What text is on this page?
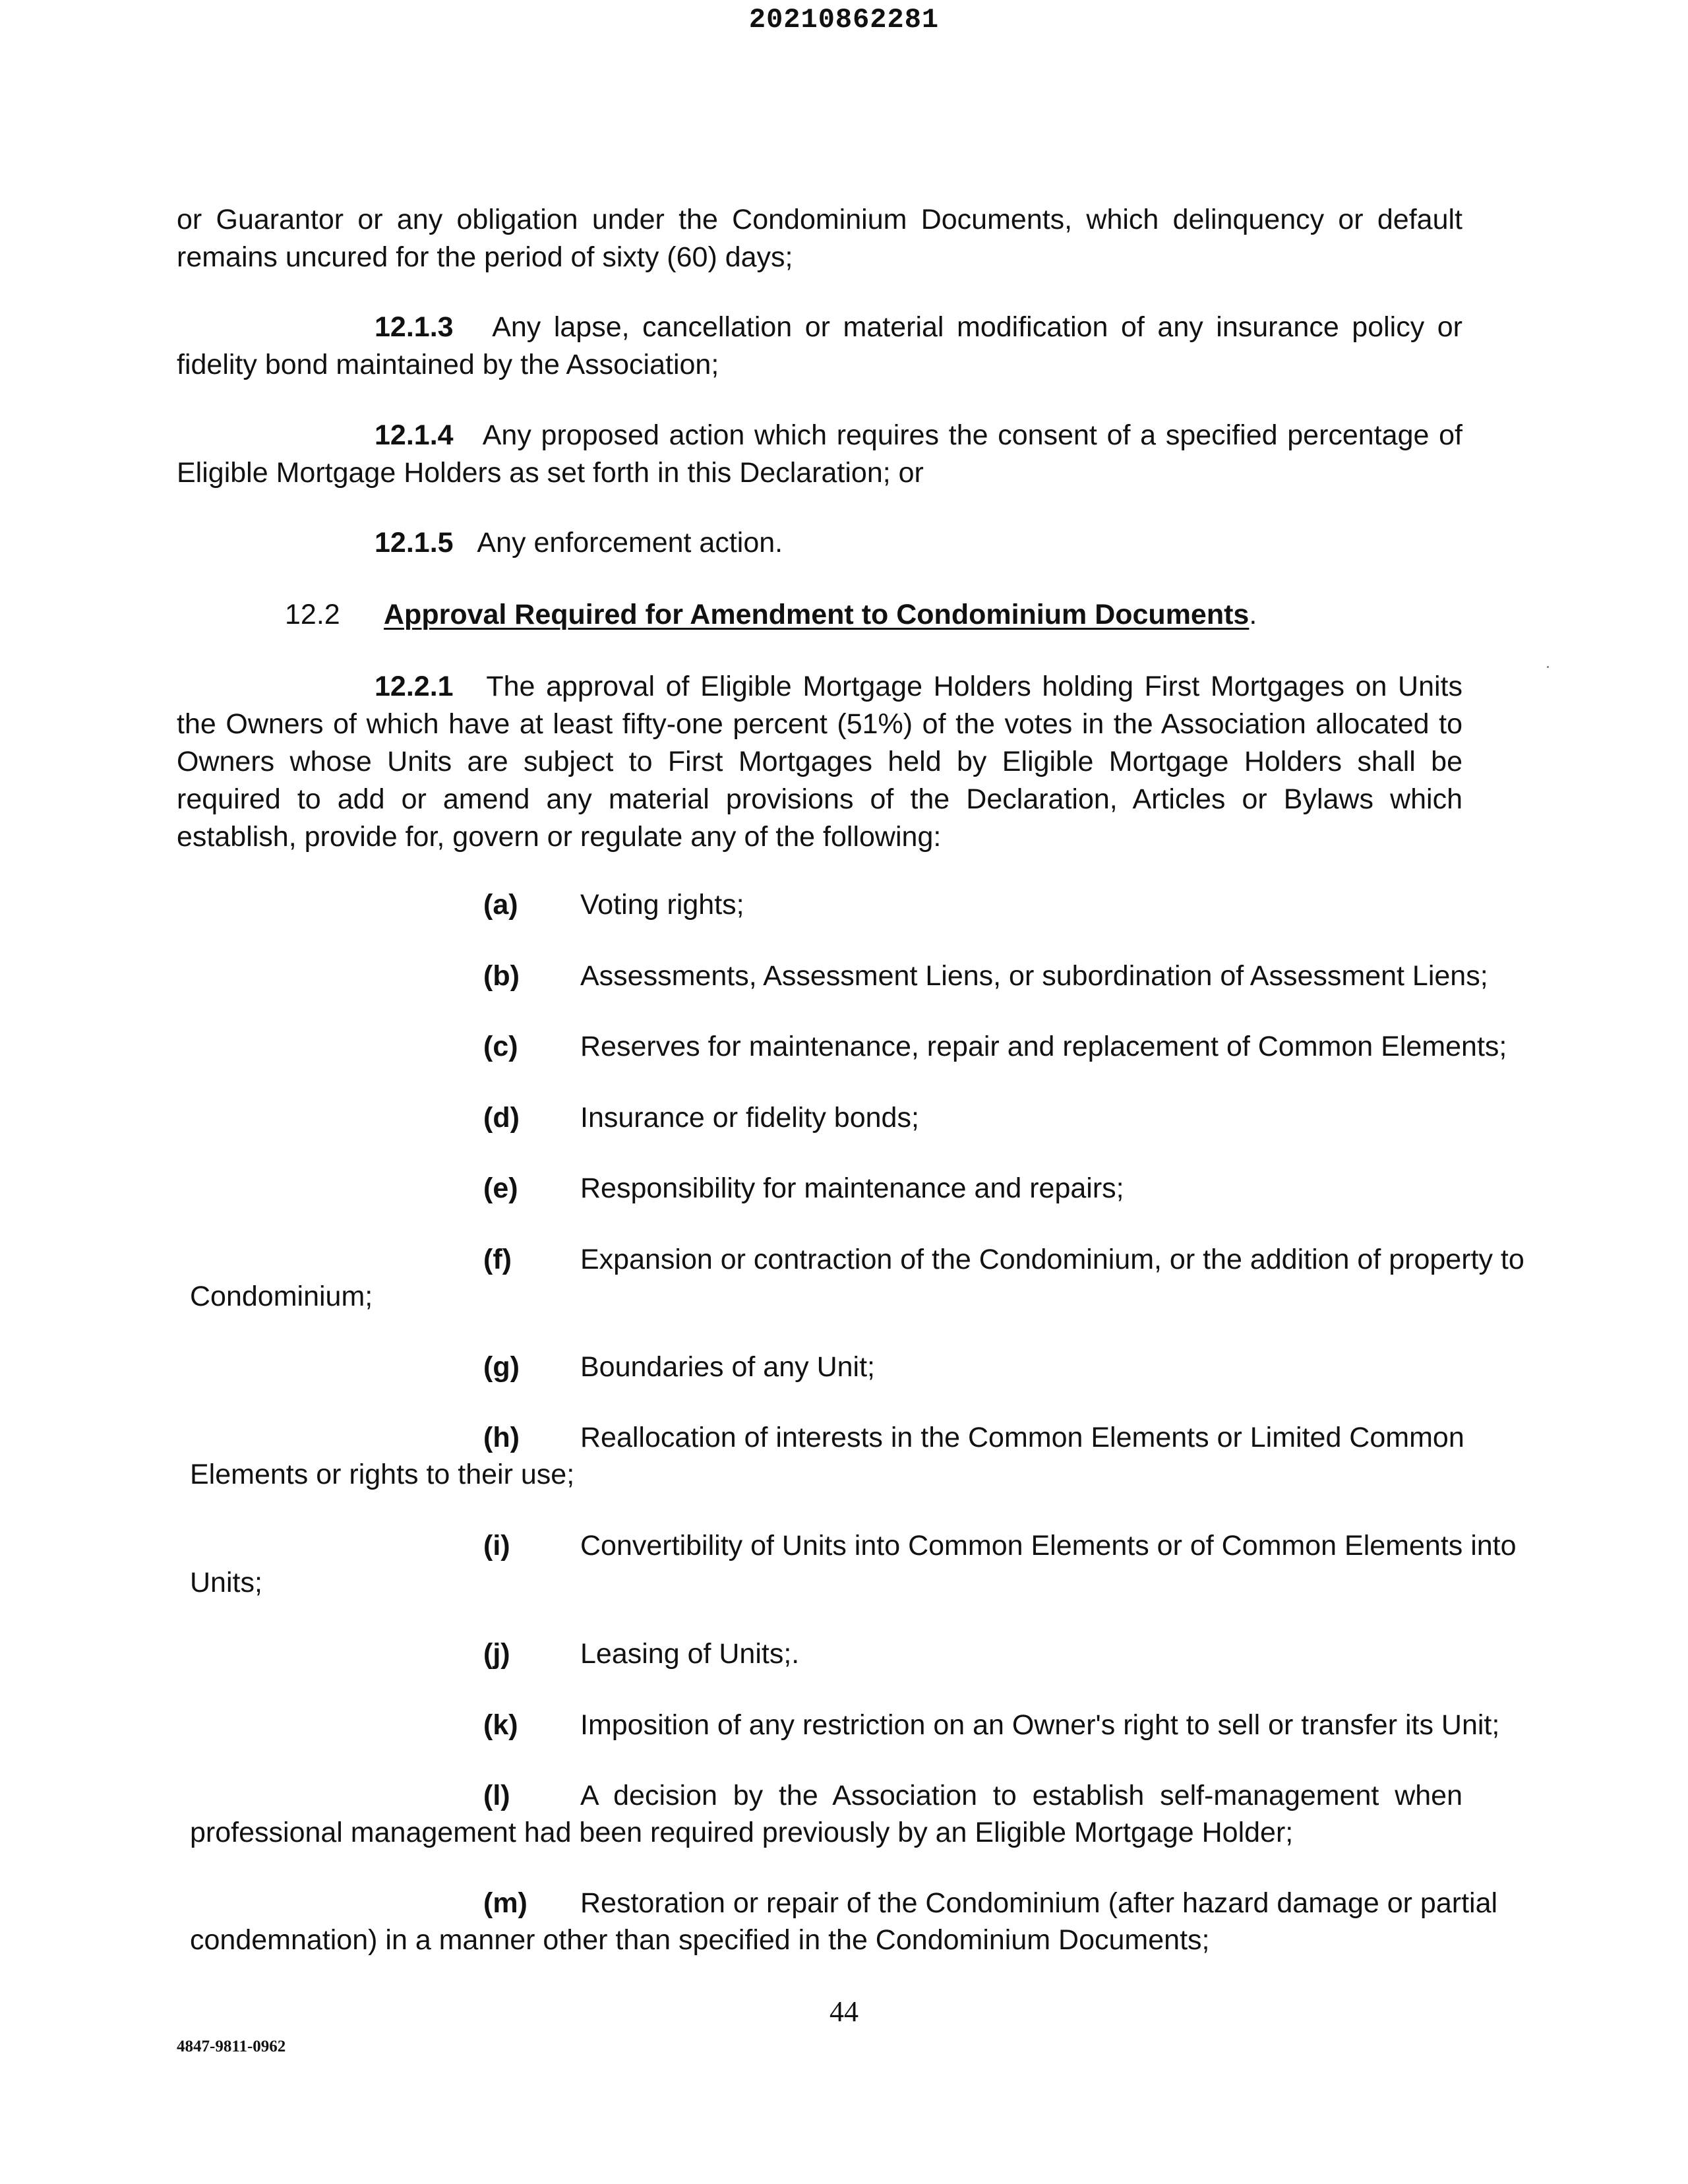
20210862281
or Guarantor or any obligation under the Condominium Documents, which delinquency or default remains uncured for the period of sixty (60) days;
12.1.3 Any lapse, cancellation or material modification of any insurance policy or fidelity bond maintained by the Association;
12.1.4 Any proposed action which requires the consent of a specified percentage of Eligible Mortgage Holders as set forth in this Declaration; or
12.1.5 Any enforcement action.
12.2 Approval Required for Amendment to Condominium Documents.
12.2.1 The approval of Eligible Mortgage Holders holding First Mortgages on Units the Owners of which have at least fifty-one percent (51%) of the votes in the Association allocated to Owners whose Units are subject to First Mortgages held by Eligible Mortgage Holders shall be required to add or amend any material provisions of the Declaration, Articles or Bylaws which establish, provide for, govern or regulate any of the following:
(a) Voting rights;
(b) Assessments, Assessment Liens, or subordination of Assessment Liens;
(c) Reserves for maintenance, repair and replacement of Common Elements;
(d) Insurance or fidelity bonds;
(e) Responsibility for maintenance and repairs;
(f) Expansion or contraction of the Condominium, or the addition of property to
Condominium;
(g) Boundaries of any Unit;
(h) Reallocation of interests in the Common Elements or Limited Common
Elements or rights to their use;
(i) Convertibility of Units into Common Elements or of Common Elements into
Units;
(j) Leasing of Units;.
(k) Imposition of any restriction on an Owner's right to sell or transfer its Unit;
(l) A decision by the Association to establish self-management when
professional management had been required previously by an Eligible Mortgage Holder;
(m) Restoration or repair of the Condominium (after hazard damage or partial
condemnation) in a manner other than specified in the Condominium Documents;
44
4847-9811-0962
